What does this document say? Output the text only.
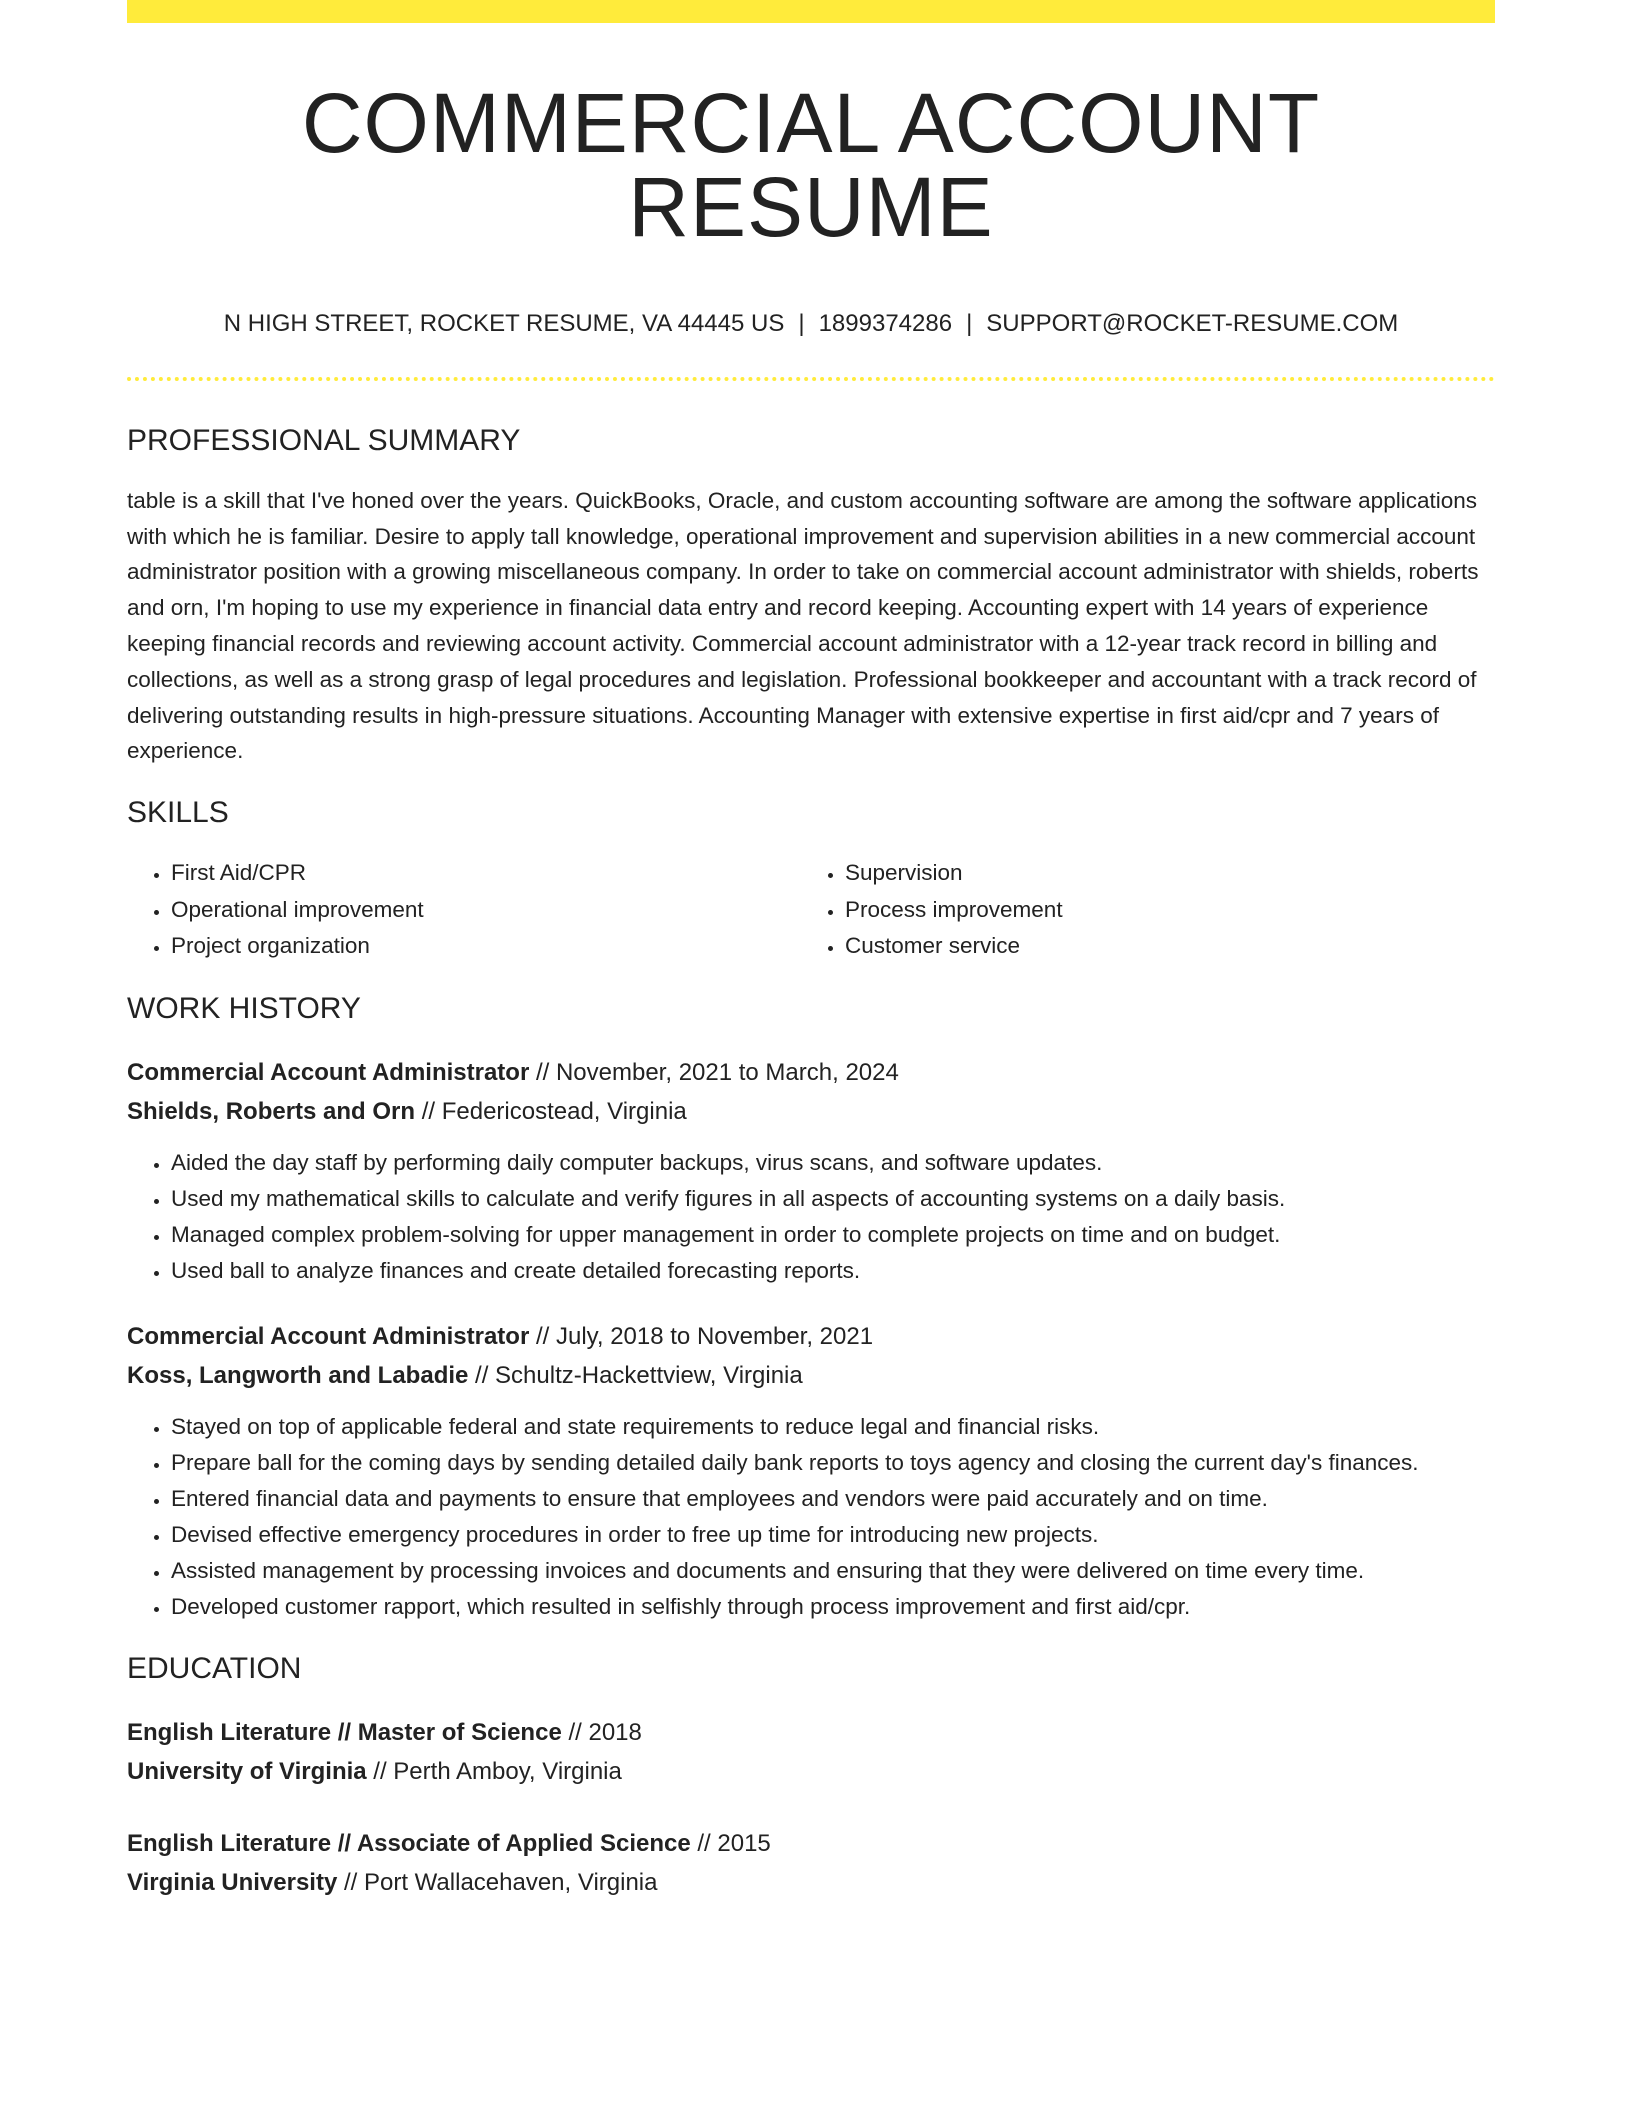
COMMERCIAL ACCOUNT RESUME
N HIGH STREET, ROCKET RESUME, VA 44445 US | 1899374286 | SUPPORT@ROCKET-RESUME.COM
PROFESSIONAL SUMMARY

table is a skill that I've honed over the years. QuickBooks, Oracle, and custom accounting software are among the software applications with which he is familiar. Desire to apply tall knowledge, operational improvement and supervision abilities in a new commercial account administrator position with a growing miscellaneous company. In order to take on commercial account administrator with shields, roberts and orn, I'm hoping to use my experience in financial data entry and record keeping. Accounting expert with 14 years of experience keeping financial records and reviewing account activity. Commercial account administrator with a 12-year track record in billing and collections, as well as a strong grasp of legal procedures and legislation. Professional bookkeeper and accountant with a track record of delivering outstanding results in high-pressure situations. Accounting Manager with extensive expertise in first aid/cpr and 7 years of experience.

SKILLS
• First Aid/CPR
• Operational improvement
• Project organization
• Supervision
• Process improvement
• Customer service
WORK HISTORY
Commercial Account Administrator // November, 2021 to March, 2024
Shields, Roberts and Orn // Federicostead, Virginia
• Aided the day staff by performing daily computer backups, virus scans, and software updates.
• Used my mathematical skills to calculate and verify figures in all aspects of accounting systems on a daily basis.
• Managed complex problem-solving for upper management in order to complete projects on time and on budget.
• Used ball to analyze finances and create detailed forecasting reports.
Commercial Account Administrator // July, 2018 to November, 2021
Koss, Langworth and Labadie // Schultz-Hackettview, Virginia
• Stayed on top of applicable federal and state requirements to reduce legal and financial risks.
• Prepare ball for the coming days by sending detailed daily bank reports to toys agency and closing the current day's finances.
• Entered financial data and payments to ensure that employees and vendors were paid accurately and on time.
• Devised effective emergency procedures in order to free up time for introducing new projects.
• Assisted management by processing invoices and documents and ensuring that they were delivered on time every time.
• Developed customer rapport, which resulted in selfishly through process improvement and first aid/cpr.
EDUCATION
English Literature // Master of Science // 2018
University of Virginia // Perth Amboy, Virginia
English Literature // Associate of Applied Science // 2015
Virginia University // Port Wallacehaven, Virginia
